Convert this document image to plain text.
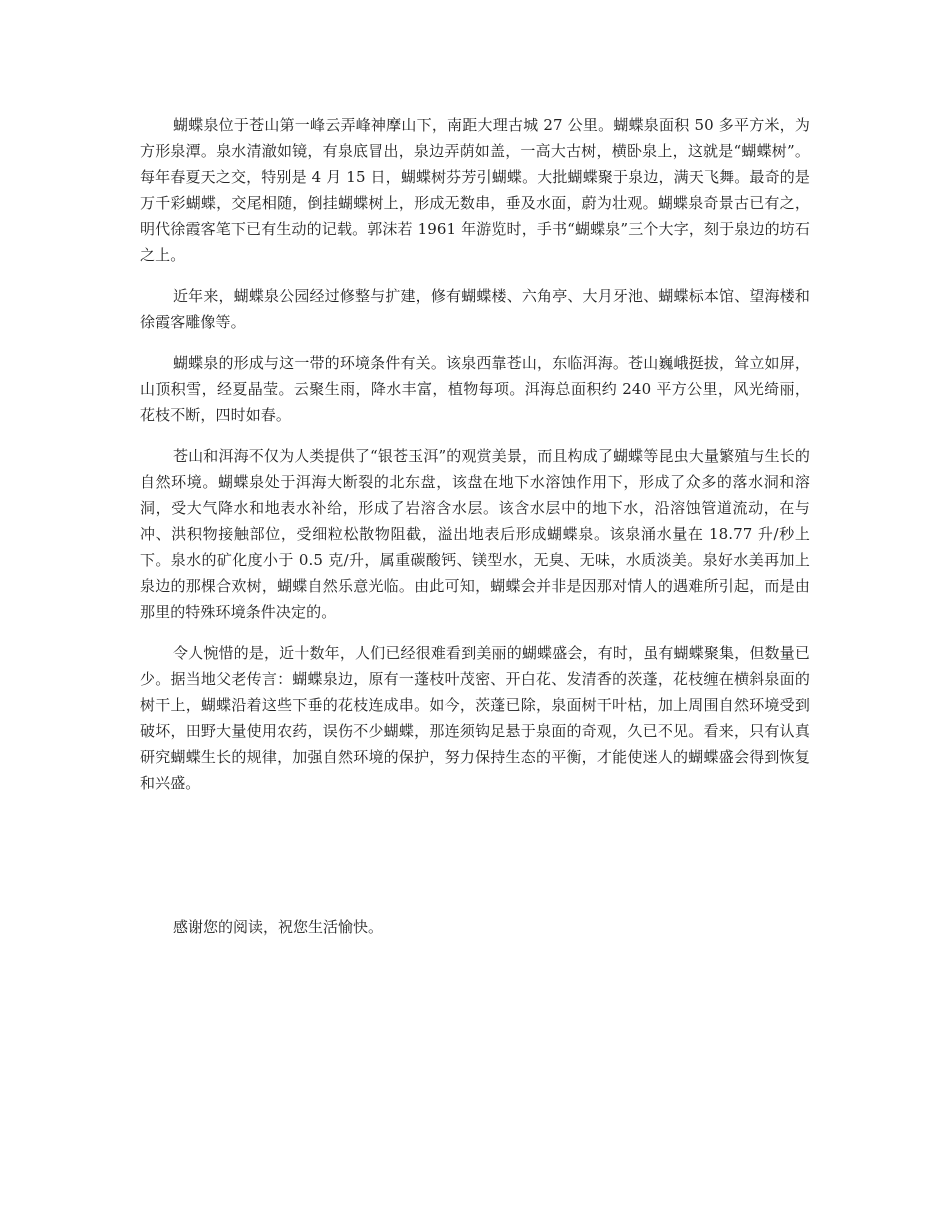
蝴蝶泉位于苍山第一峰云弄峰神摩山下，南距大理古城 27 公里。蝴蝶泉面积 50 多平方米，为方形泉潭。泉水清澈如镜，有泉底冒出，泉边弄荫如盖，一高大古树，横卧泉上，这就是“蝴蝶树”。每年春夏天之交，特别是 4 月 15 日，蝴蝶树芬芳引蝴蝶。大批蝴蝶聚于泉边，满天飞舞。最奇的是万千彩蝴蝶，交尾相随，倒挂蝴蝶树上，形成无数串，垂及水面，蔚为壮观。蝴蝶泉奇景古已有之，明代徐霞客笔下已有生动的记载。郭沫若 1961 年游览时，手书“蝴蝶泉”三个大字，刻于泉边的坊石之上。

近年来，蝴蝶泉公园经过修整与扩建，修有蝴蝶楼、六角亭、大月牙池、蝴蝶标本馆、望海楼和徐霞客雕像等。

蝴蝶泉的形成与这一带的环境条件有关。该泉西靠苍山，东临洱海。苍山巍峨挺拔，耸立如屏，山顶积雪，经夏晶莹。云聚生雨，降水丰富，植物每项。洱海总面积约 240 平方公里，风光绮丽，花枝不断，四时如春。

苍山和洱海不仅为人类提供了“银苍玉洱”的观赏美景，而且构成了蝴蝶等昆虫大量繁殖与生长的自然环境。蝴蝶泉处于洱海大断裂的北东盘，该盘在地下水溶蚀作用下，形成了众多的落水洞和溶洞，受大气降水和地表水补给，形成了岩溶含水层。该含水层中的地下水，沿溶蚀管道流动，在与冲、洪积物接触部位，受细粒松散物阻截，溢出地表后形成蝴蝶泉。该泉涌水量在 18.77 升/秒上下。泉水的矿化度小于 0.5 克/升，属重碳酸钙、镁型水，无臭、无味，水质淡美。泉好水美再加上泉边的那棵合欢树，蝴蝶自然乐意光临。由此可知，蝴蝶会并非是因那对情人的遇难所引起，而是由那里的特殊环境条件决定的。

令人惋惜的是，近十数年，人们已经很难看到美丽的蝴蝶盛会，有时，虽有蝴蝶聚集，但数量已少。据当地父老传言：蝴蝶泉边，原有一蓬枝叶茂密、开白花、发清香的茨蓬，花枝缠在横斜泉面的树干上，蝴蝶沿着这些下垂的花枝连成串。如今，茨蓬已除，泉面树干叶枯，加上周围自然环境受到破坏，田野大量使用农药，误伤不少蝴蝶，那连须钩足悬于泉面的奇观，久已不见。看来，只有认真研究蝴蝶生长的规律，加强自然环境的保护，努力保持生态的平衡，才能使迷人的蝴蝶盛会得到恢复和兴盛。

感谢您的阅读，祝您生活愉快。
